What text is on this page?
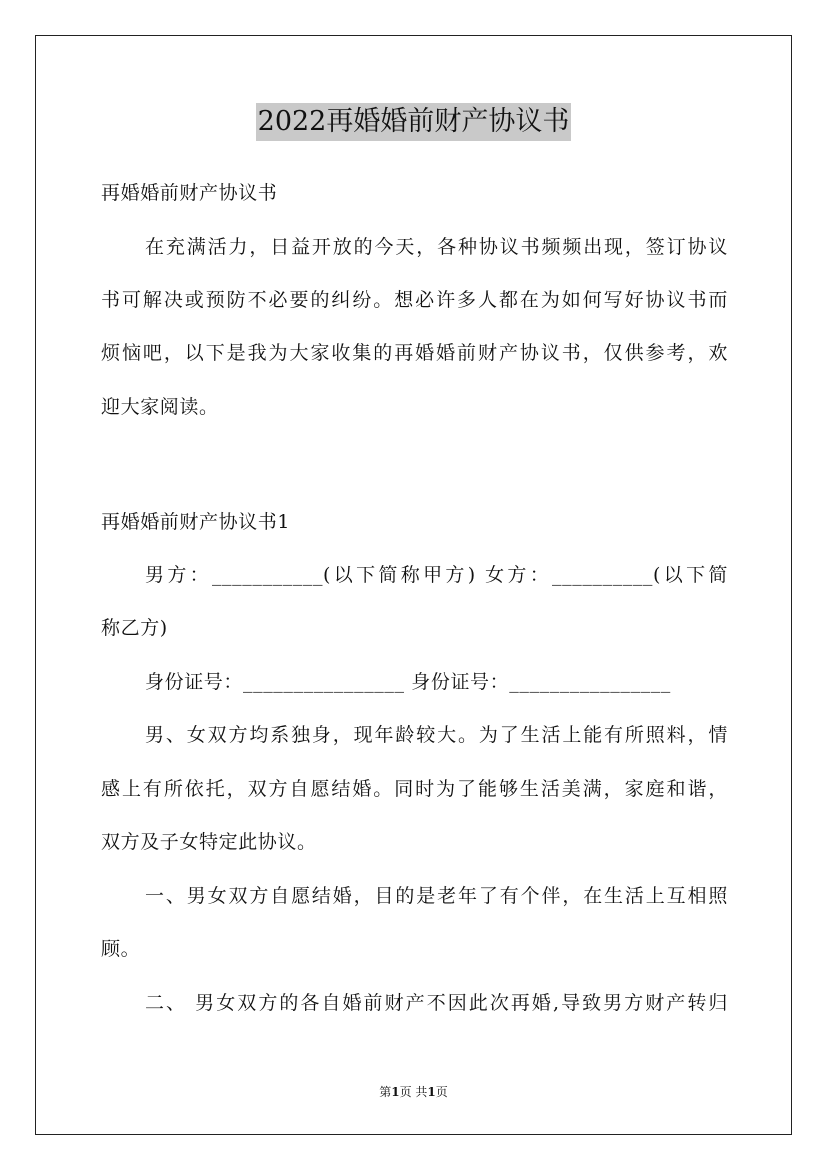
2022再婚婚前财产协议书
再婚婚前财产协议书
在充满活力，日益开放的今天，各种协议书频频出现，签订协议
书可解决或预防不必要的纠纷。想必许多人都在为如何写好协议书而
烦恼吧，以下是我为大家收集的再婚婚前财产协议书，仅供参考，欢
迎大家阅读。
再婚婚前财产协议书1
男方：___________(以下简称甲方) 女方：__________(以下简
称乙方)
身份证号：________________ 身份证号：________________
男、女双方均系独身，现年龄较大。为了生活上能有所照料，情
感上有所依托，双方自愿结婚。同时为了能够生活美满，家庭和谐，
双方及子女特定此协议。
一、男女双方自愿结婚，目的是老年了有个伴，在生活上互相照
顾。
二、 男女双方的各自婚前财产不因此次再婚,导致男方财产转归
第1页 共1页
